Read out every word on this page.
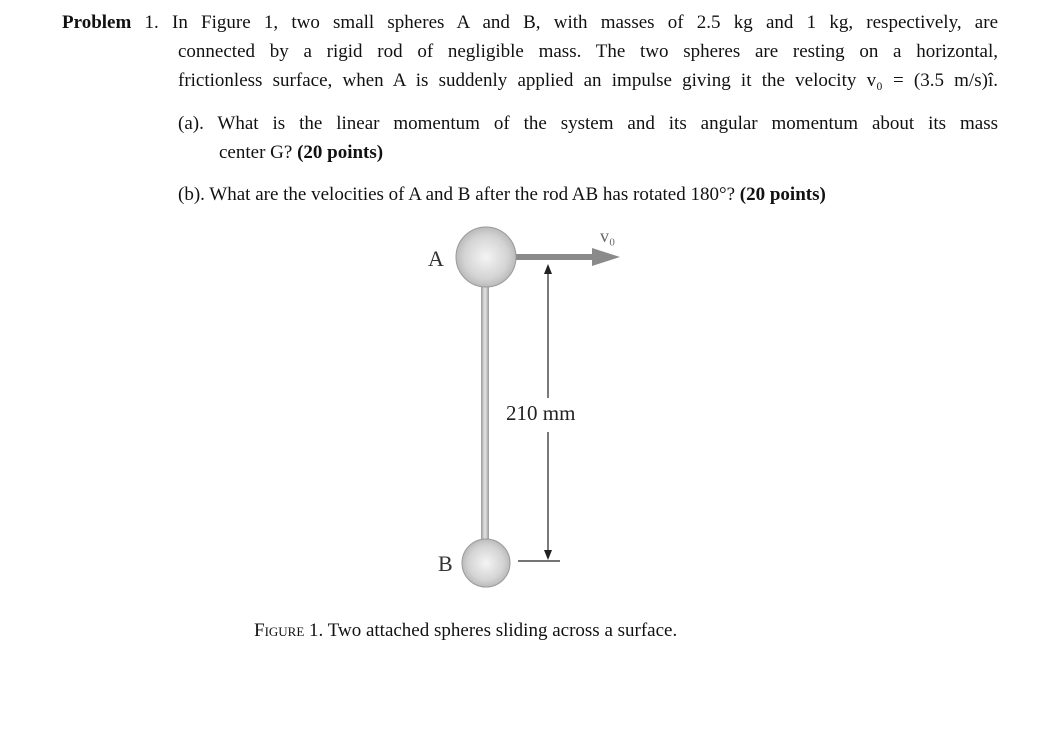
Problem 1. In Figure 1, two small spheres A and B, with masses of 2.5 kg and 1 kg, respectively, are
connected by a rigid rod of negligible mass. The two spheres are resting on a horizontal,
frictionless surface, when A is suddenly applied an impulse giving it the velocity v₀ = (3.5 m/s)î.
(a). What is the linear momentum of the system and its angular momentum about its mass
center G? (20 points)
(b). What are the velocities of A and B after the rod AB has rotated 180°? (20 points)
A
B
v₀
210 mm
Figure 1. Two attached spheres sliding across a surface.
